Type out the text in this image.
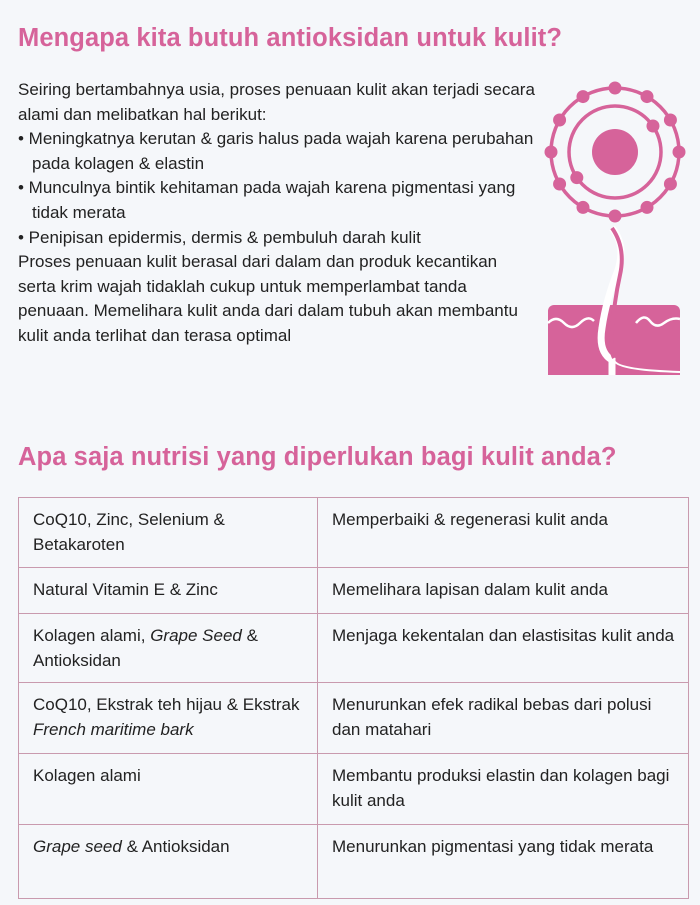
Mengapa kita butuh antioksidan untuk kulit?

Seiring bertambahnya usia, proses penuaan kulit akan terjadi secara alami dan melibatkan hal berikut:

• Meningkatnya kerutan & garis halus pada wajah karena perubahan pada kolagen & elastin

• Munculnya bintik kehitaman pada wajah karena pigmentasi yang tidak merata

• Penipisan epidermis, dermis & pembuluh darah kulit

Proses penuaan kulit berasal dari dalam dan produk kecantikan serta krim wajah tidaklah cukup untuk memperlambat tanda penuaan. Memelihara kulit anda dari dalam tubuh akan membantu kulit anda terlihat dan terasa optimal

Apa saja nutrisi yang diperlukan bagi kulit anda?
CoQ10, Zinc, Selenium & Betakaroten	Memperbaiki & regenerasi kulit anda
Natural Vitamin E & Zinc	Memelihara lapisan dalam kulit anda
Kolagen alami, Grape Seed & Antioksidan	Menjaga kekentalan dan elastisitas kulit anda
CoQ10, Ekstrak teh hijau & Ekstrak French maritime bark	Menurunkan efek radikal bebas dari polusi dan matahari
Kolagen alami	Membantu produksi elastin dan kolagen bagi kulit anda
Grape seed & Antioksidan	Menurunkan pigmentasi yang tidak merata
